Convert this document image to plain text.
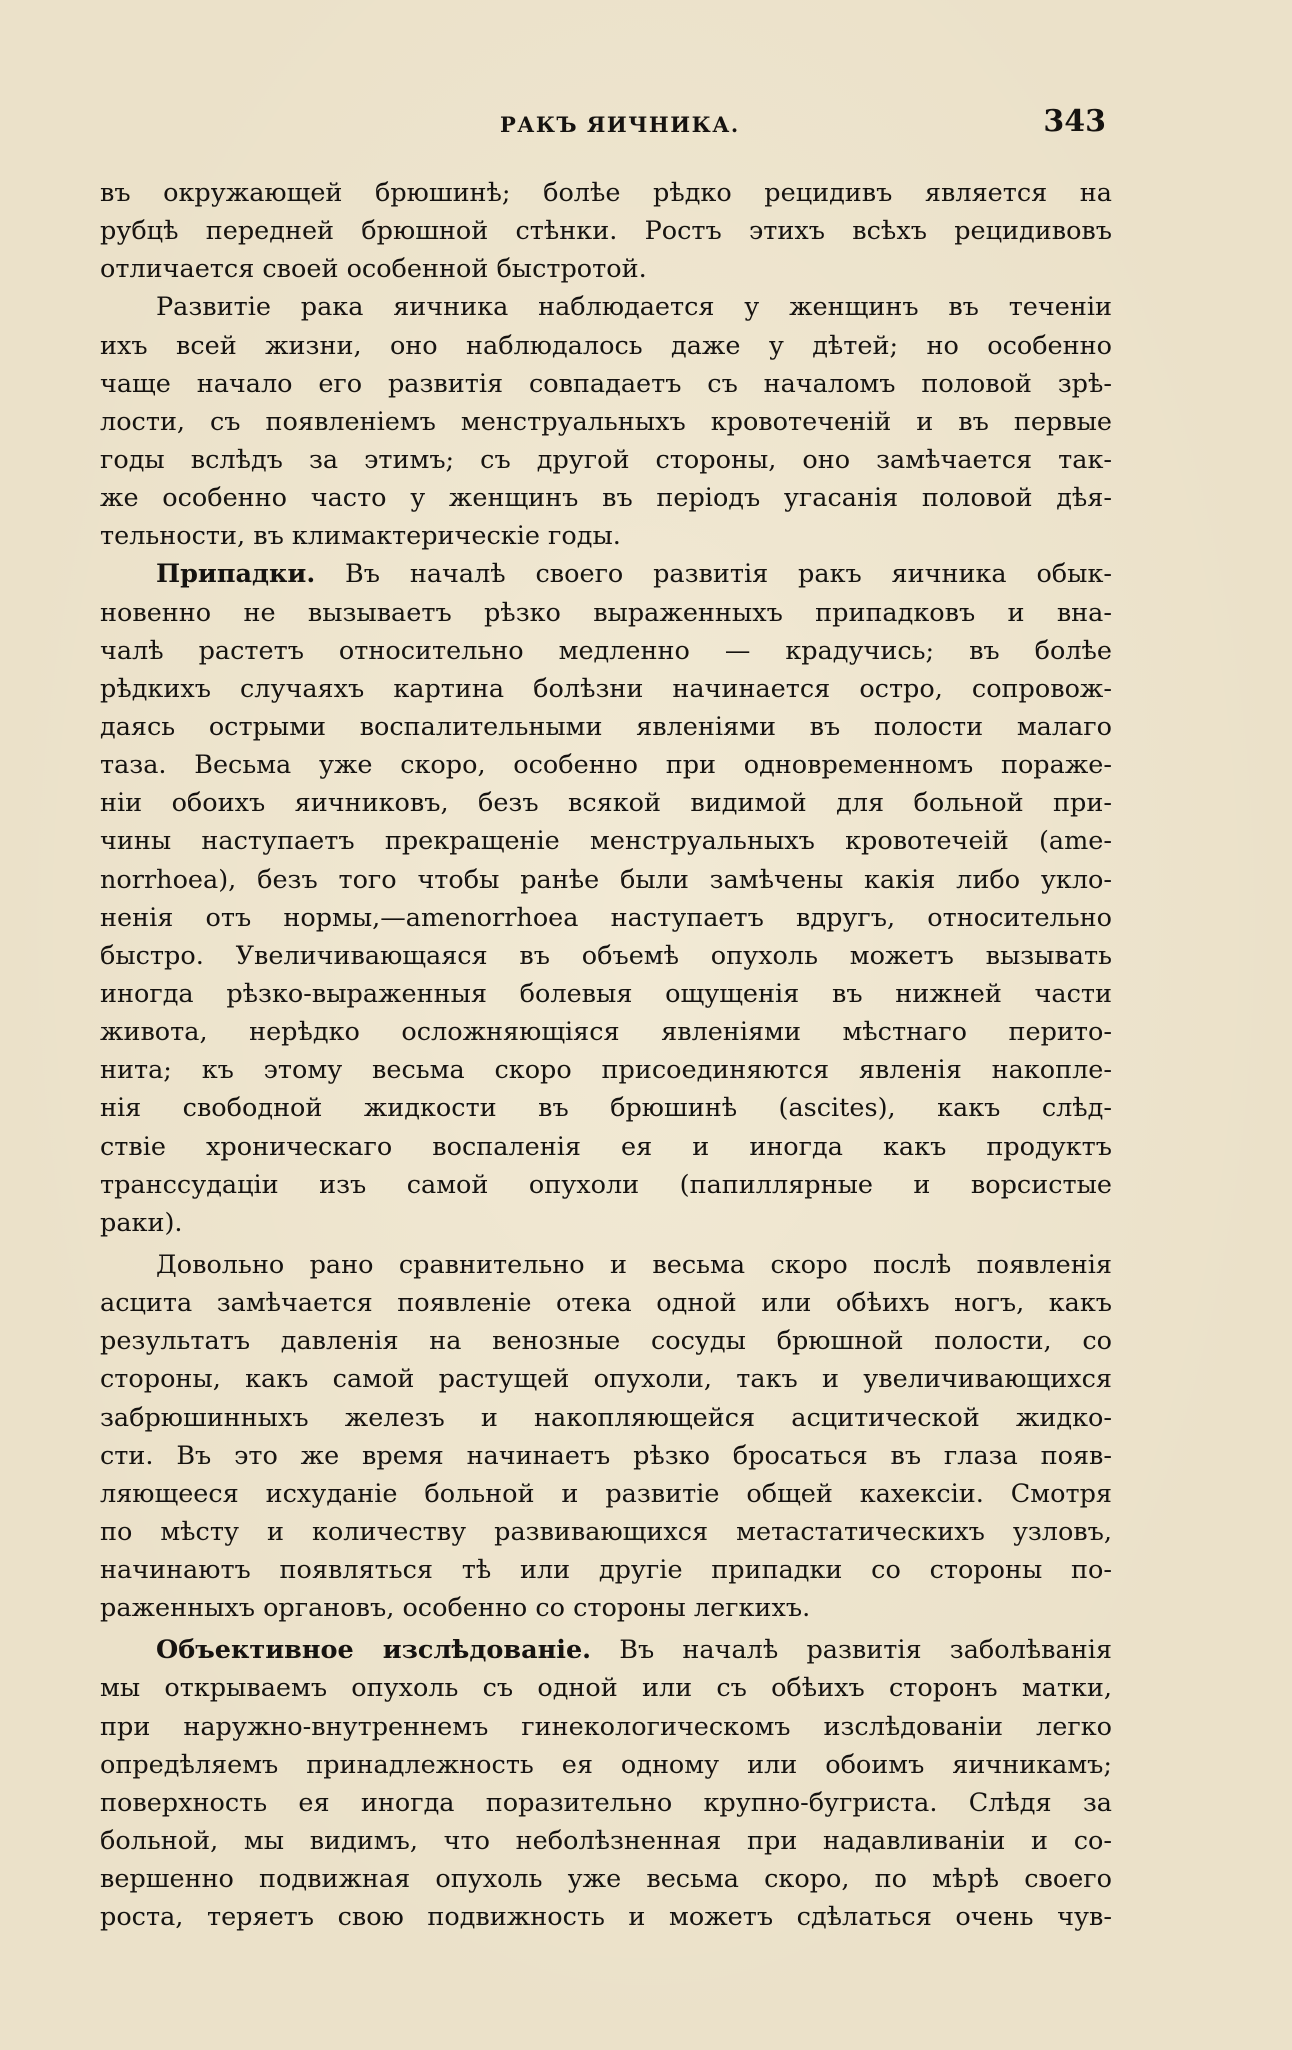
РАКЪ ЯИЧНИКА.	343
въ окружающей брюшинѣ; болѣе рѣдко рецидивъ является на
рубцѣ передней брюшной стѣнки. Ростъ этихъ всѣхъ рецидивовъ
отличается своей особенной быстротой.
Развитіе рака яичника наблюдается у женщинъ въ теченіи
ихъ всей жизни, оно наблюдалось даже у дѣтей; но особенно
чаще начало его развитія совпадаетъ съ началомъ половой зрѣ-
лости, съ появленіемъ менструальныхъ кровотеченій и въ первые
годы вслѣдъ за этимъ; съ другой стороны, оно замѣчается так-
же особенно часто у женщинъ въ періодъ угасанія половой дѣя-
тельности, въ климактерическіе годы.
Припадки. Въ началѣ своего развитія ракъ яичника обык-
новенно не вызываетъ рѣзко выраженныхъ припадковъ и вна-
чалѣ растетъ относительно медленно — крадучись; въ болѣе
рѣдкихъ случаяхъ картина болѣзни начинается остро, сопровож-
даясь острыми воспалительными явленіями въ полости малаго
таза. Весьма уже скоро, особенно при одновременномъ пораже-
ніи обоихъ яичниковъ, безъ всякой видимой для больной при-
чины наступаетъ прекращеніе менструальныхъ кровотечеій (ame-
norrhoea), безъ того чтобы ранѣе были замѣчены какія либо укло-
ненія отъ нормы,—amenorrhoea наступаетъ вдругъ, относительно
быстро. Увеличивающаяся въ объемѣ опухоль можетъ вызывать
иногда рѣзко-выраженныя болевыя ощущенія въ нижней части
живота, нерѣдко осложняющіяся явленіями мѣстнаго перито-
нита; къ этому весьма скоро присоединяются явленія накопле-
нія свободной жидкости въ брюшинѣ (ascites), какъ слѣд-
ствіе хроническаго воспаленія ея и иногда какъ продуктъ
транссудаціи изъ самой опухоли (папиллярные и ворсистые
раки).
Довольно рано сравнительно и весьма скоро послѣ появленія
асцита замѣчается появленіе отека одной или обѣихъ ногъ, какъ
результатъ давленія на венозные сосуды брюшной полости, со
стороны, какъ самой растущей опухоли, такъ и увеличивающихся
забрюшинныхъ железъ и накопляющейся асцитической жидко-
сти. Въ это же время начинаетъ рѣзко бросаться въ глаза появ-
ляющееся исхуданіе больной и развитіе общей кахексіи. Смотря
по мѣсту и количеству развивающихся метастатическихъ узловъ,
начинаютъ появляться тѣ или другіе припадки со стороны по-
раженныхъ органовъ, особенно со стороны легкихъ.
Объективное изслѣдованіе. Въ началѣ развитія заболѣванія
мы открываемъ опухоль съ одной или съ обѣихъ сторонъ матки,
при наружно-внутреннемъ гинекологическомъ изслѣдованіи легко
опредѣляемъ принадлежность ея одному или обоимъ яичникамъ;
поверхность ея иногда поразительно крупно-бугриста. Слѣдя за
больной, мы видимъ, что неболѣзненная при надавливаніи и со-
вершенно подвижная опухоль уже весьма скоро, по мѣрѣ своего
роста, теряетъ свою подвижность и можетъ сдѣлаться очень чув-
